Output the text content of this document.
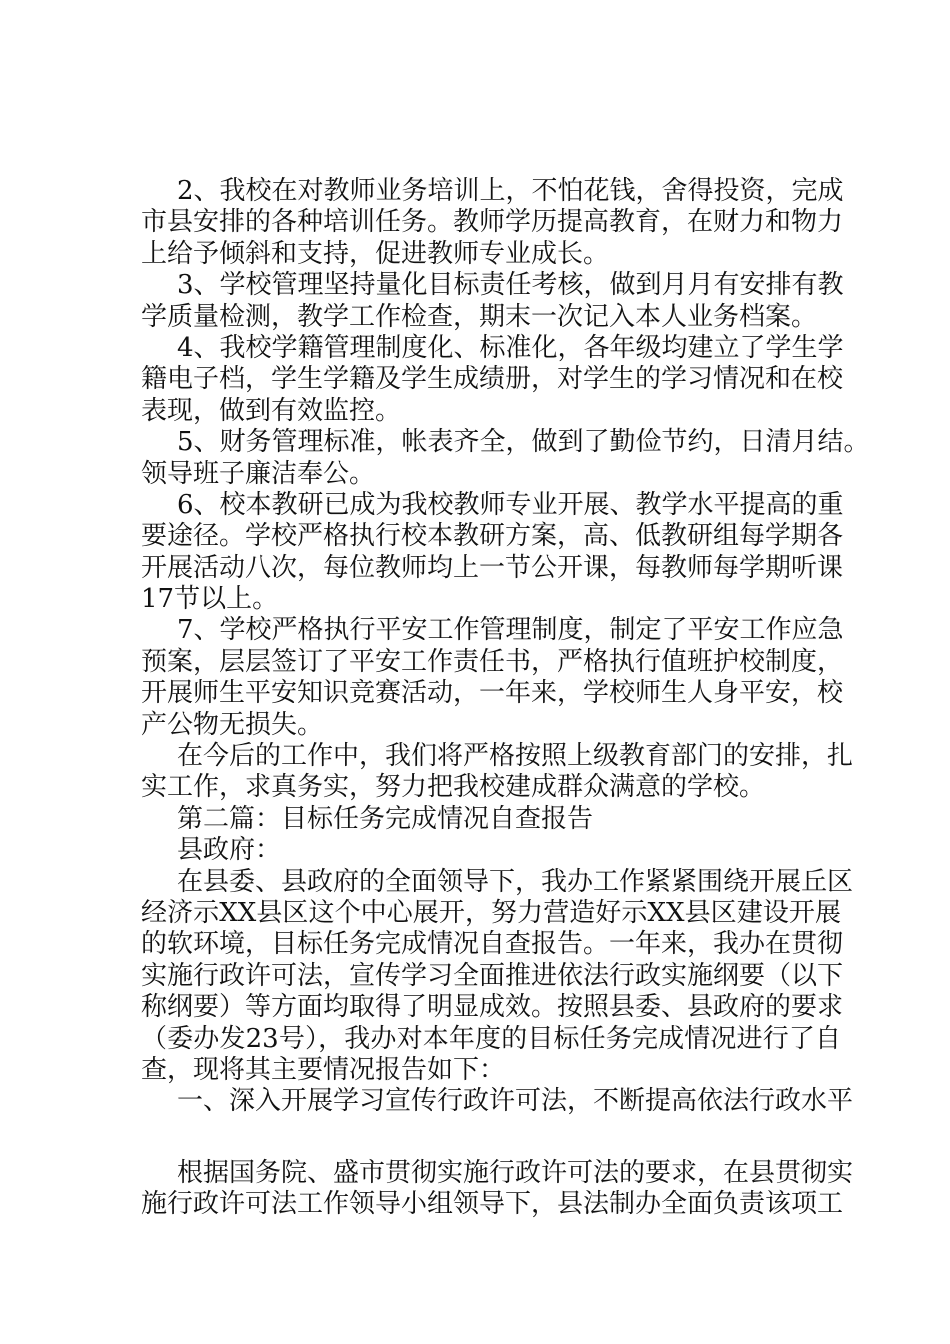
2、我校在对教师业务培训上，不怕花钱，舍得投资，完成
市县安排的各种培训任务。教师学历提高教育，在财力和物力
上给予倾斜和支持，促进教师专业成长。
3、学校管理坚持量化目标责任考核，做到月月有安排有教
学质量检测，教学工作检查，期末一次记入本人业务档案。
4、我校学籍管理制度化、标准化，各年级均建立了学生学
籍电子档，学生学籍及学生成绩册，对学生的学习情况和在校
表现，做到有效监控。
5、财务管理标准，帐表齐全，做到了勤俭节约，日清月结。
领导班子廉洁奉公。
6、校本教研已成为我校教师专业开展、教学水平提高的重
要途径。学校严格执行校本教研方案，高、低教研组每学期各
开展活动八次，每位教师均上一节公开课，每教师每学期听课
17节以上。
7、学校严格执行平安工作管理制度，制定了平安工作应急
预案，层层签订了平安工作责任书，严格执行值班护校制度，
开展师生平安知识竞赛活动，一年来，学校师生人身平安，校
产公物无损失。
在今后的工作中，我们将严格按照上级教育部门的安排，扎
实工作，求真务实，努力把我校建成群众满意的学校。
第二篇：目标任务完成情况自查报告
县政府：
在县委、县政府的全面领导下，我办工作紧紧围绕开展丘区
经济示XX县区这个中心展开，努力营造好示XX县区建设开展
的软环境，目标任务完成情况自查报告。一年来，我办在贯彻
实施行政许可法，宣传学习全面推进依法行政实施纲要（以下
称纲要）等方面均取得了明显成效。按照县委、县政府的要求
（委办发23号），我办对本年度的目标任务完成情况进行了自
查，现将其主要情况报告如下：
一、深入开展学习宣传行政许可法，不断提高依法行政水平
根据国务院、盛市贯彻实施行政许可法的要求，在县贯彻实
施行政许可法工作领导小组领导下，县法制办全面负责该项工
